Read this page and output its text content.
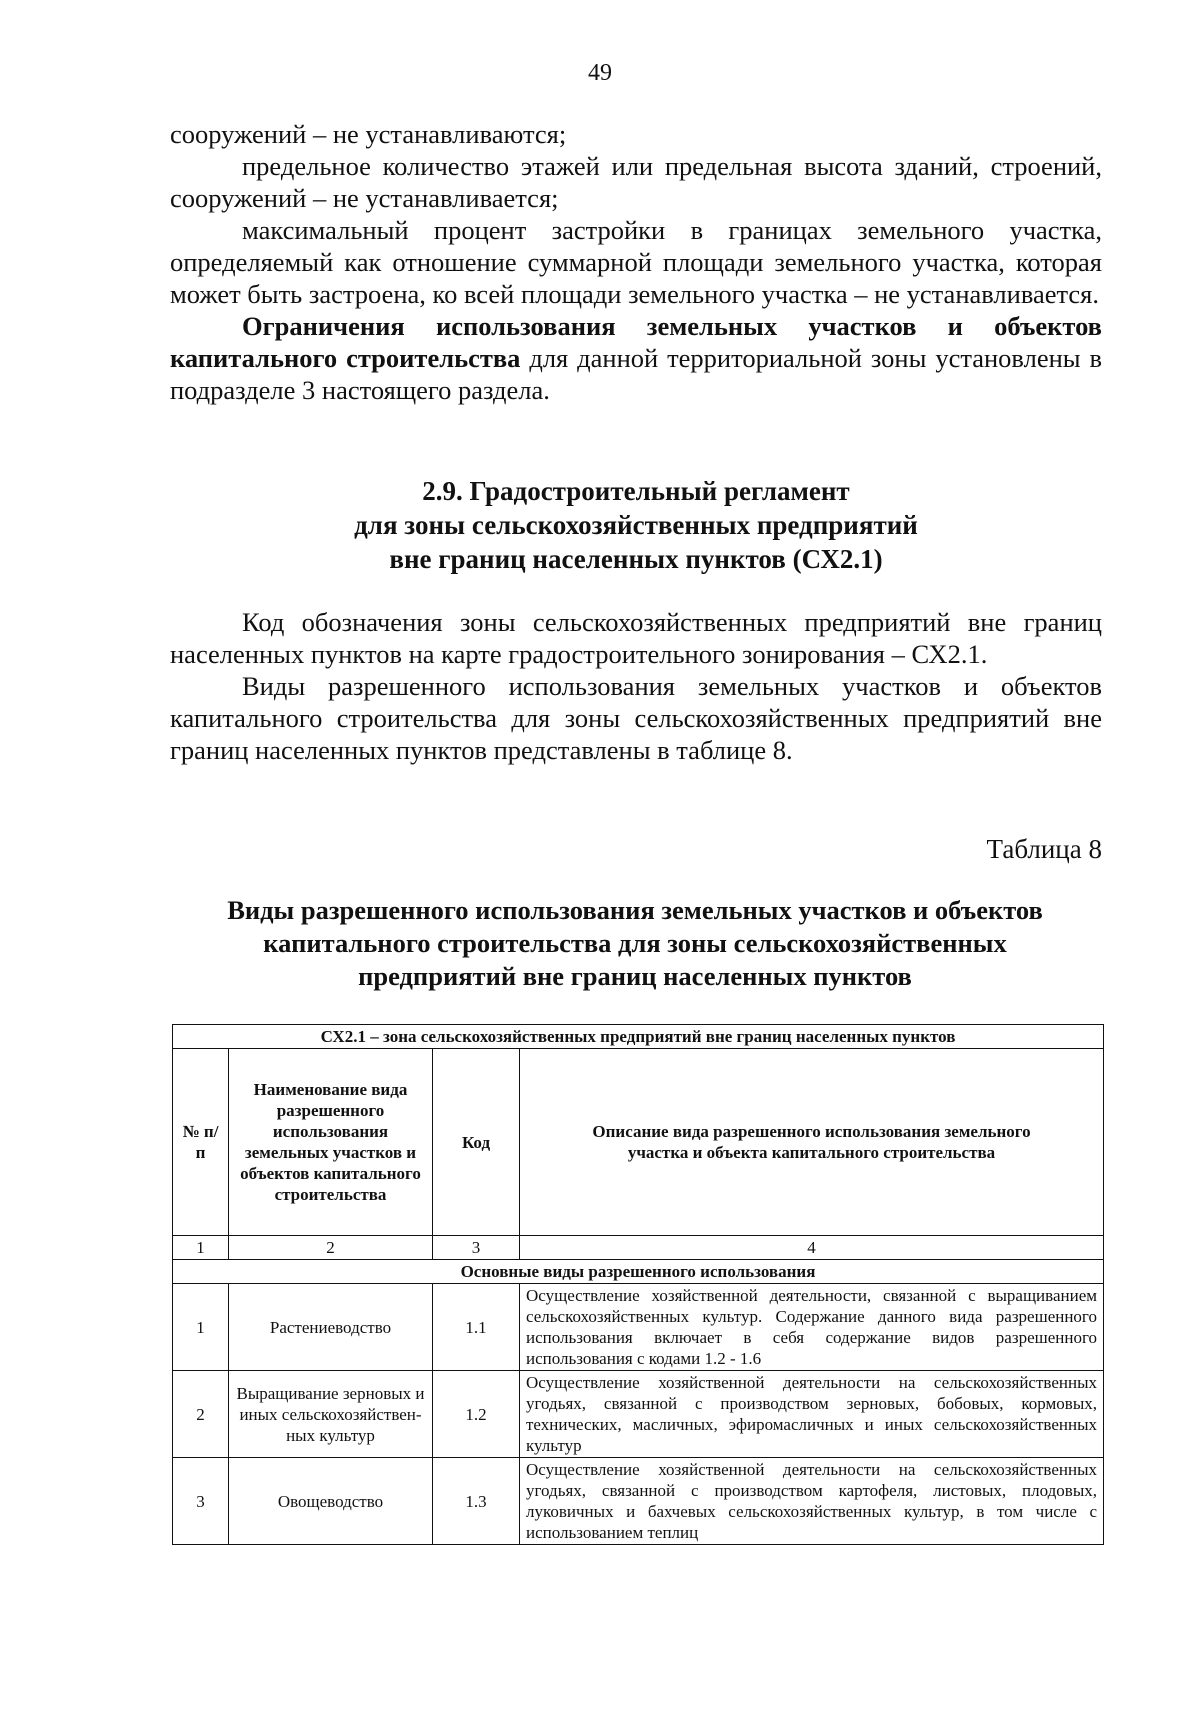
49

сооружений – не устанавливаются;

предельное количество этажей или предельная высота зданий, строений, сооружений – не устанавливается;

максимальный процент застройки в границах земельного участка, определяемый как отношение суммарной площади земельного участка, которая может быть застроена, ко всей площади земельного участка – не устанавливается.

Ограничения использования земельных участков и объектов капитального строительства для данной территориальной зоны установлены в подразделе 3 настоящего раздела.

2.9. Градостроительный регламент
для зоны сельскохозяйственных предприятий
вне границ населенных пунктов (СХ2.1)

Код обозначения зоны сельскохозяйственных предприятий вне границ населенных пунктов на карте градостроительного зонирования – СХ2.1.

Виды разрешенного использования земельных участков и объектов капитального строительства для зоны сельскохозяйственных предприятий вне границ населенных пунктов представлены в таблице 8.

Таблица 8
Виды разрешенного использования земельных участков и объектов
капитального строительства для зоны сельскохозяйственных
предприятий вне границ населенных пунктов
СХ2.1 – зона сельскохозяйственных предприятий вне границ населенных пунктов			
№ п/п	Наименование вида разрешенного использования земельных участков и объектов капитального строительства	Код	Описание вида разрешенного использования земельного участка и объекта капитального строительства
1	2	3	4
Основные виды разрешенного использования			
1	Растениеводство	1.1	Осуществление хозяйственной деятельности, связанной с выращиванием сельскохозяйственных культур. Содержание данного вида разрешенного использования включает в себя содержание видов разрешенного использования с кодами 1.2 - 1.6
2	Выращивание зерновых и иных сельскохозяйствен-ных культур	1.2	Осуществление хозяйственной деятельности на сельскохозяйственных угодьях, связанной с производством зерновых, бобовых, кормовых, технических, масличных, эфиромасличных и иных сельскохозяйственных культур
3	Овощеводство	1.3	Осуществление хозяйственной деятельности на сельскохозяйственных угодьях, связанной с производством картофеля, листовых, плодовых, луковичных и бахчевых сельскохозяйственных культур, в том числе с использованием теплиц
